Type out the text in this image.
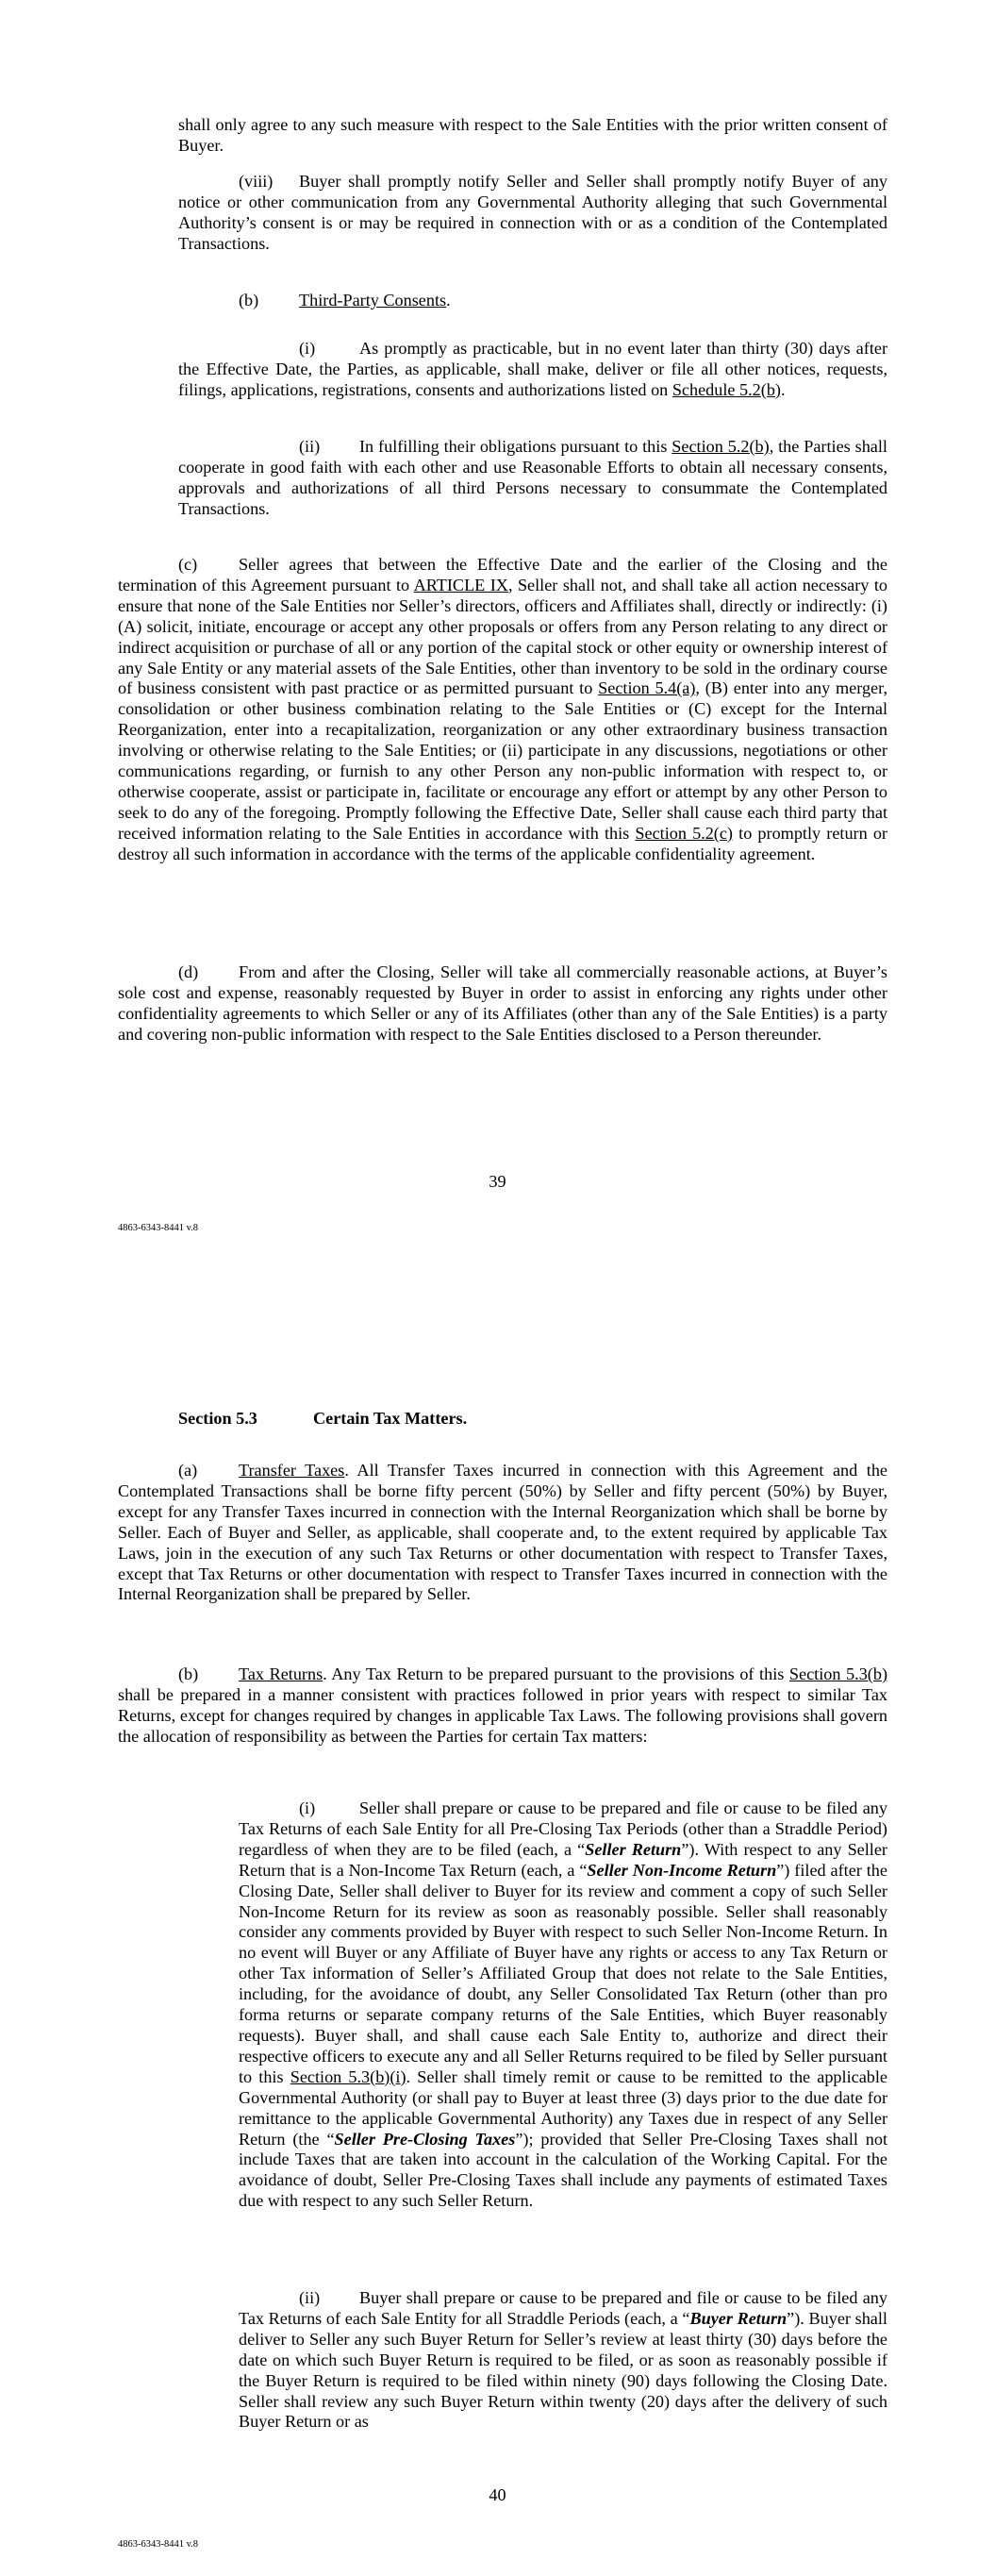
shall only agree to any such measure with respect to the Sale Entities with the prior written consent of Buyer.

(viii) Buyer shall promptly notify Seller and Seller shall promptly notify Buyer of any notice or other communication from any Governmental Authority alleging that such Governmental Authority’s consent is or may be required in connection with or as a condition of the Contemplated Transactions.

(b) Third-Party Consents.

(i)	As promptly as practicable, but in no event later than thirty (30) days after the Effective Date, the Parties, as applicable, shall make, deliver or file all other notices, requests, filings, applications, registrations, consents and authorizations listed on Schedule 5.2(b).

(ii) In fulfilling their obligations pursuant to this Section 5.2(b), the Parties shall cooperate in good faith with each other and use Reasonable Efforts to obtain all necessary consents, approvals and authorizations of all third Persons necessary to consummate the Contemplated Transactions.

(c) Seller agrees that between the Effective Date and the earlier of the Closing and the termination of this Agreement pursuant to ARTICLE IX, Seller shall not, and shall take all action necessary to ensure that none of the Sale Entities nor Seller’s directors, officers and Affiliates shall, directly or indirectly: (i) (A) solicit, initiate, encourage or accept any other proposals or offers from any Person relating to any direct or indirect acquisition or purchase of all or any portion of the capital stock or other equity or ownership interest of any Sale Entity or any material assets of the Sale Entities, other than inventory to be sold in the ordinary course of business consistent with past practice or as permitted pursuant to Section 5.4(a), (B) enter into any merger, consolidation or other business combination relating to the Sale Entities or (C) except for the Internal Reorganization, enter into a recapitalization, reorganization or any other extraordinary business transaction involving or otherwise relating to the Sale Entities; or (ii) participate in any discussions, negotiations or other communications regarding, or furnish to any other Person any non-public information with respect to, or otherwise cooperate, assist or participate in, facilitate or encourage any effort or attempt by any other Person to seek to do any of the foregoing. Promptly following the Effective Date, Seller shall cause each third party that received information relating to the Sale Entities in accordance with this Section 5.2(c) to promptly return or destroy all such information in accordance with the terms of the applicable confidentiality agreement.

(d) From and after the Closing, Seller will take all commercially reasonable actions, at Buyer’s sole cost and expense, reasonably requested by Buyer in order to assist in enforcing any rights under other confidentiality agreements to which Seller or any of its Affiliates (other than any of the Sale Entities) is a party and covering non-public information with respect to the Sale Entities disclosed to a Person thereunder.

39
4863-6343-8441 v.8
Section 5.3	Certain Tax Matters.

(a) Transfer Taxes. All Transfer Taxes incurred in connection with this Agreement and the Contemplated Transactions shall be borne fifty percent (50%) by Seller and fifty percent (50%) by Buyer, except for any Transfer Taxes incurred in connection with the Internal Reorganization which shall be borne by Seller. Each of Buyer and Seller, as applicable, shall cooperate and, to the extent required by applicable Tax Laws, join in the execution of any such Tax Returns or other documentation with respect to Transfer Taxes, except that Tax Returns or other documentation with respect to Transfer Taxes incurred in connection with the Internal Reorganization shall be prepared by Seller.

(b) Tax Returns. Any Tax Return to be prepared pursuant to the provisions of this Section 5.3(b) shall be prepared in a manner consistent with practices followed in prior years with respect to similar Tax Returns, except for changes required by changes in applicable Tax Laws. The following provisions shall govern the allocation of responsibility as between the Parties for certain Tax matters:

(i)	Seller shall prepare or cause to be prepared and file or cause to be filed any Tax Returns of each Sale Entity for all Pre-Closing Tax Periods (other than a Straddle Period) regardless of when they are to be filed (each, a “Seller Return”). With respect to any Seller Return that is a Non-Income Tax Return (each, a “Seller Non-Income Return”) filed after the Closing Date, Seller shall deliver to Buyer for its review and comment a copy of such Seller Non-Income Return for its review as soon as reasonably possible. Seller shall reasonably consider any comments provided by Buyer with respect to such Seller Non-Income Return. In no event will Buyer or any Affiliate of Buyer have any rights or access to any Tax Return or other Tax information of Seller’s Affiliated Group that does not relate to the Sale Entities, including, for the avoidance of doubt, any Seller Consolidated Tax Return (other than pro forma returns or separate company returns of the Sale Entities, which Buyer reasonably requests). Buyer shall, and shall cause each Sale Entity to, authorize and direct their respective officers to execute any and all Seller Returns required to be filed by Seller pursuant to this Section 5.3(b)(i). Seller shall timely remit or cause to be remitted to the applicable Governmental Authority (or shall pay to Buyer at least three (3) days prior to the due date for remittance to the applicable Governmental Authority) any Taxes due in respect of any Seller Return (the “Seller Pre-Closing Taxes”); provided that Seller Pre-Closing Taxes shall not include Taxes that are taken into account in the calculation of the Working Capital. For the avoidance of doubt, Seller Pre-Closing Taxes shall include any payments of estimated Taxes due with respect to any such Seller Return.

(ii) Buyer shall prepare or cause to be prepared and file or cause to be filed any Tax Returns of each Sale Entity for all Straddle Periods (each, a “Buyer Return”). Buyer shall deliver to Seller any such Buyer Return for Seller’s review at least thirty (30) days before the date on which such Buyer Return is required to be filed, or as soon as reasonably possible if the Buyer Return is required to be filed within ninety (90) days following the Closing Date. Seller shall review any such Buyer Return within twenty (20) days after the delivery of such Buyer Return or as

40
4863-6343-8441 v.8
